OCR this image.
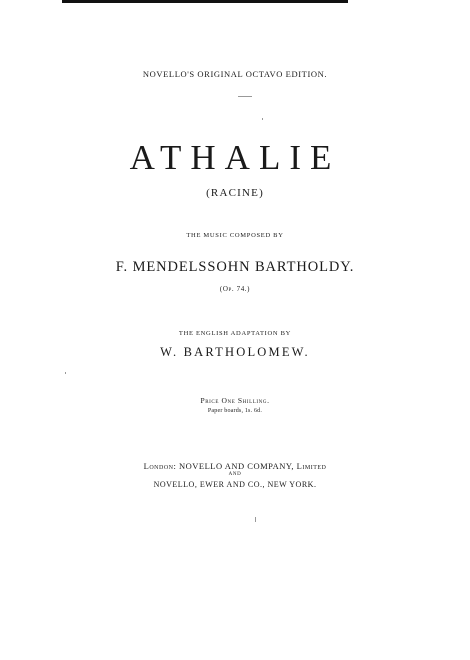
NOVELLO'S ORIGINAL OCTAVO EDITION.
ATHALIE
(RACINE)
THE MUSIC COMPOSED BY
F. MENDELSSOHN BARTHOLDY.
(Op. 74.)
THE ENGLISH ADAPTATION BY
W. BARTHOLOMEW.
Price One Shilling.
Paper boards, 1s. 6d.
London: NOVELLO AND COMPANY, Limited
AND
NOVELLO, EWER AND CO., NEW YORK.
